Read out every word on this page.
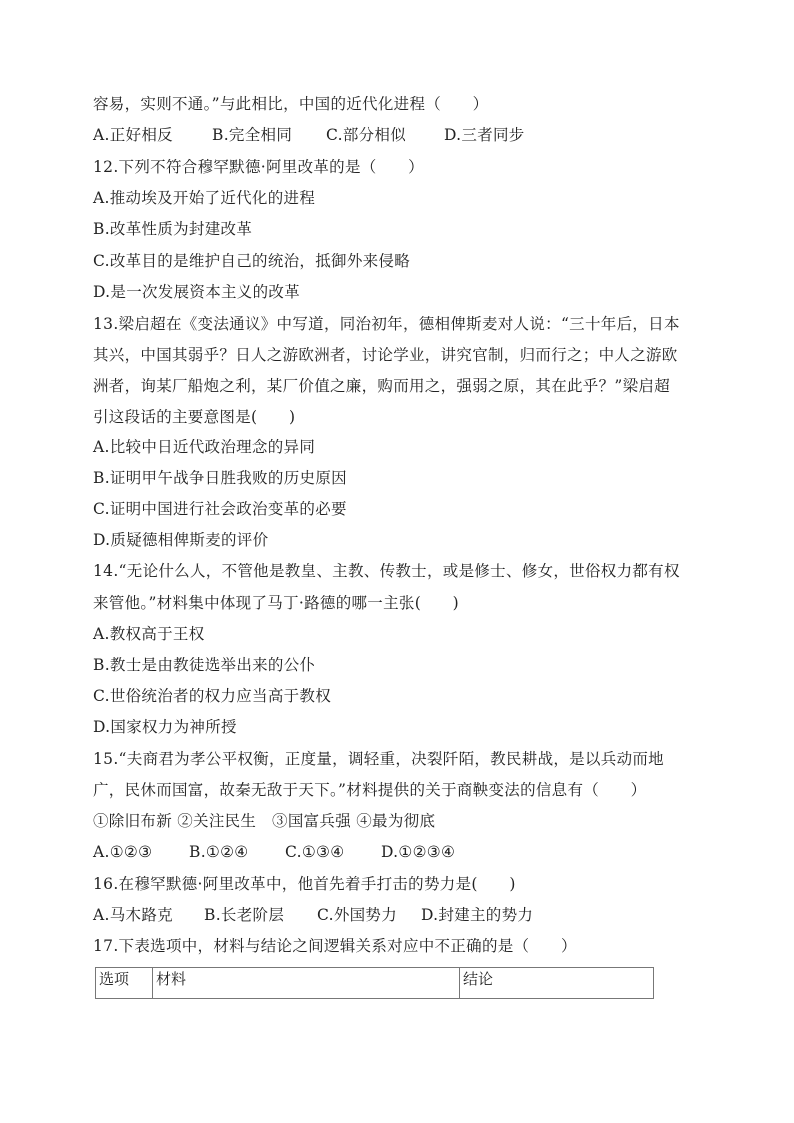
容易，实则不通。”与此相比，中国的近代化进程（　　）
A.正好相反	B.完全相同 C.部分相似 D.三者同步
12.下列不符合穆罕默德·阿里改革的是（　　）
A.推动埃及开始了近代化的进程
B.改革性质为封建改革
C.改革目的是维护自己的统治，抵御外来侵略
D.是一次发展资本主义的改革
13.梁启超在《变法通议》中写道，同治初年，德相俾斯麦对人说：“三十年后，日本
其兴，中国其弱乎？日人之游欧洲者，讨论学业，讲究官制，归而行之；中人之游欧
洲者，询某厂船炮之利，某厂价值之廉，购而用之，强弱之原，其在此乎？”梁启超
引这段话的主要意图是(　　)
A.比较中日近代政治理念的异同
B.证明甲午战争日胜我败的历史原因
C.证明中国进行社会政治变革的必要
D.质疑德相俾斯麦的评价
14.“无论什么人，不管他是教皇、主教、传教士，或是修士、修女，世俗权力都有权
来管他。”材料集中体现了马丁·路德的哪一主张(　　)
A.教权高于王权
B.教士是由教徒选举出来的公仆
C.世俗统治者的权力应当高于教权
D.国家权力为神所授
15.“夫商君为孝公平权衡，正度量，调轻重，决裂阡陌，教民耕战，是以兵动而地
广，民休而国富，故秦无敌于天下。”材料提供的关于商鞅变法的信息有（　　）
①除旧布新 ②关注民生　③国富兵强 ④最为彻底
A.①②③ B.①②④ C.①③④ D.①②③④
16.在穆罕默德·阿里改革中，他首先着手打击的势力是(　　)
A.马木路克 B.长老阶层 C.外国势力 D.封建主的势力
17.下表选项中，材料与结论之间逻辑关系对应中不正确的是（　　）
选项	材料	结论
